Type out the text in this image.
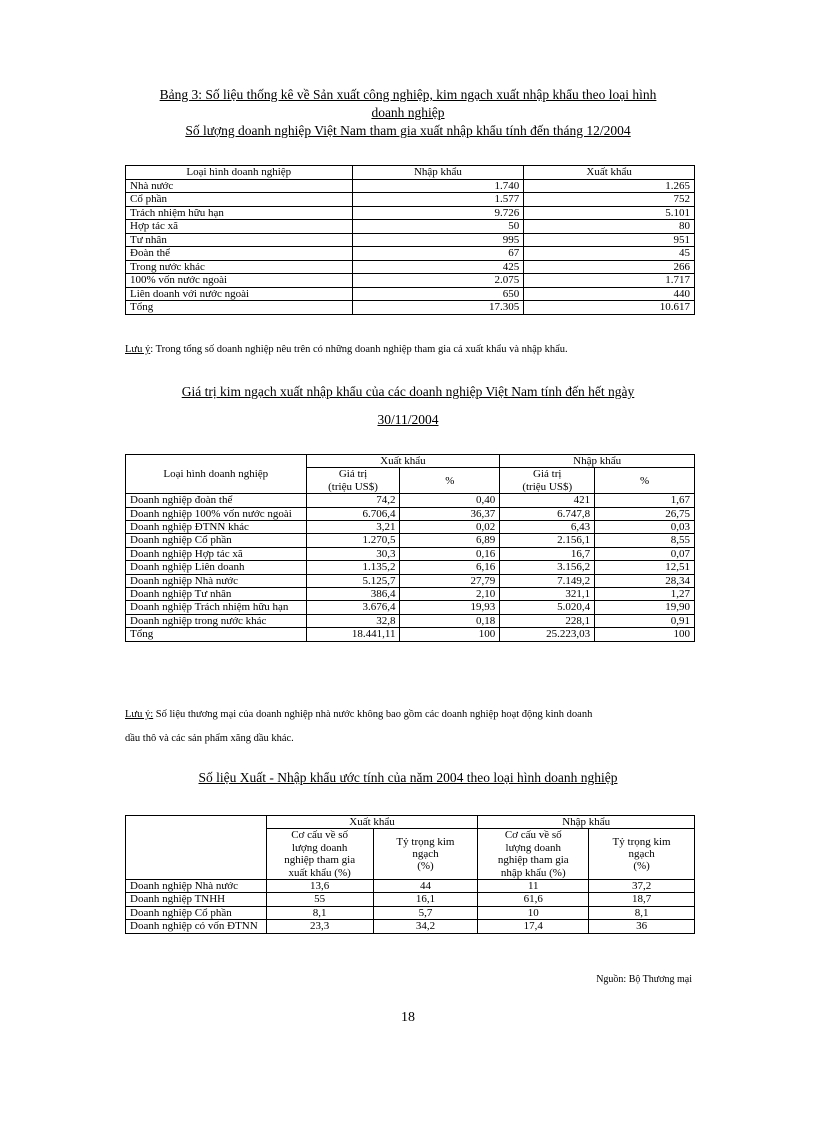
Bảng 3: Số liệu thống kê về Sản xuất công nghiệp, kim ngạch xuất nhập khẩu theo loại hình
doanh nghiệp
Số lượng doanh nghiệp Việt Nam tham gia xuất nhập khẩu tính đến tháng 12/2004
Loại hình doanh nghiệp	Nhập khẩu	Xuất khẩu
Nhà nước	1.740	1.265
Cổ phần	1.577	752
Trách nhiệm hữu hạn	9.726	5.101
Hợp tác xã	50	80
Tư nhân	995	951
Đoàn thể	67	45
Trong nước khác	425	266
100% vốn nước ngoài	2.075	1.717
Liên doanh với nước ngoài	650	440
Tổng	17.305	10.617
Lưu ý: Trong tổng số doanh nghiệp nêu trên có những doanh nghiệp tham gia cả xuất khẩu và nhập khẩu.
Giá trị kim ngạch xuất nhập khẩu của các doanh nghiệp Việt Nam tính đến hết ngày
30/11/2004
Loại hình doanh nghiệp	Xuất khẩu		Nhập khẩu	
	Giá trị
(triệu US$)	%	Giá trị
(triệu US$)	%
Doanh nghiệp đoàn thể	74,2	0,40	421	1,67
Doanh nghiệp 100% vốn nước ngoài	6.706,4	36,37	6.747,8	26,75
Doanh nghiệp ĐTNN khác	3,21	0,02	6,43	0,03
Doanh nghiệp Cổ phần	1.270,5	6,89	2.156,1	8,55
Doanh nghiệp Hợp tác xã	30,3	0,16	16,7	0,07
Doanh nghiệp Liên doanh	1.135,2	6,16	3.156,2	12,51
Doanh nghiệp Nhà nước	5.125,7	27,79	7.149,2	28,34
Doanh nghiệp Tư nhân	386,4	2,10	321,1	1,27
Doanh nghiệp Trách nhiệm hữu hạn	3.676,4	19,93	5.020,4	19,90
Doanh nghiệp trong nước khác	32,8	0,18	228,1	0,91
Tổng	18.441,11	100	25.223,03	100
Lưu ý: Số liệu thương mại của doanh nghiệp nhà nước không bao gồm các doanh nghiệp hoạt động kinh doanh
dầu thô và các sản phẩm xăng dầu khác.
Số liệu Xuất - Nhập khẩu ước tính của năm 2004 theo loại hình doanh nghiệp
	Xuất khẩu		Nhập khẩu	
	Cơ cấu về số
lượng doanh
nghiệp tham gia
xuất khẩu (%)	Tỷ trọng kim
ngạch
(%)	Cơ cấu về số
lượng doanh
nghiệp tham gia
nhập khẩu (%)	Tỷ trọng kim
ngạch
(%)
Doanh nghiệp Nhà nước	13,6	44	11	37,2
Doanh nghiệp TNHH	55	16,1	61,6	18,7
Doanh nghiệp Cổ phần	8,1	5,7	10	8,1
Doanh nghiệp có vốn ĐTNN	23,3	34,2	17,4	36
Nguồn: Bộ Thương mại
18
